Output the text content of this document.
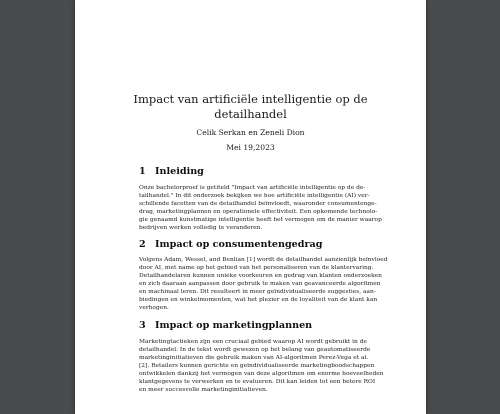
Impact van artificiële intelligentie op de
detailhandel
Celik Serkan en Zeneli Dion
Mei 19,2023
1 Inleiding
Onze bachelorproef is getiteld "Impact van artificiële intelligentie op de de-
tailhandel." In dit onderzoek bekijken we hoe artificiële intelligentie (AI) ver-
schillende facetten van de detailhandel beïnvloedt, waaronder consumentenge-
drag, marketingplannen en operationele effectiviteit. Een opkomende technolo-
gie genaamd kunstmatige intelligentie heeft het vermogen om de manier waarop
bedrijven werken volledig te veranderen.
2 Impact op consumentengedrag
Volgens Adam, Wessel, and Benlian [1] wordt de detailhandel aanzienlijk beïnvloed
door AI, met name op het gebied van het personaliseren van de klantervaring.
Detailhandelaren kunnen unieke voorkeuren en gedrag van klanten onderzoeken
en zich daaraan aanpassen door gebruik te maken van geavanceerde algoritmen
en machinaal leren. Dit resulteert in meer geïndividualiseerde suggesties, aan-
biedingen en winkelmomenten, wat het plezier en de loyaliteit van de klant kan
verhogen.
3 Impact op marketingplannen
Marketingtactieken zijn een cruciaal gebied waarop AI wordt gebruikt in de
detailhandel. In de tekst wordt gewezen op het belang van geautomatiseerde
marketinginitiatieven die gebruik maken van AI-algoritmen Perez-Vega et al.
[2]. Retailers kunnen gerichte en geïndividualiseerde marketingboodschappen
ontwikkelen dankzij het vermogen van deze algoritmen om enorme hoeveelheden
klantgegevens te verwerken en te evalueren. Dit kan leiden tot een betere ROI
en meer succesvolle marketinginitiatieven.
